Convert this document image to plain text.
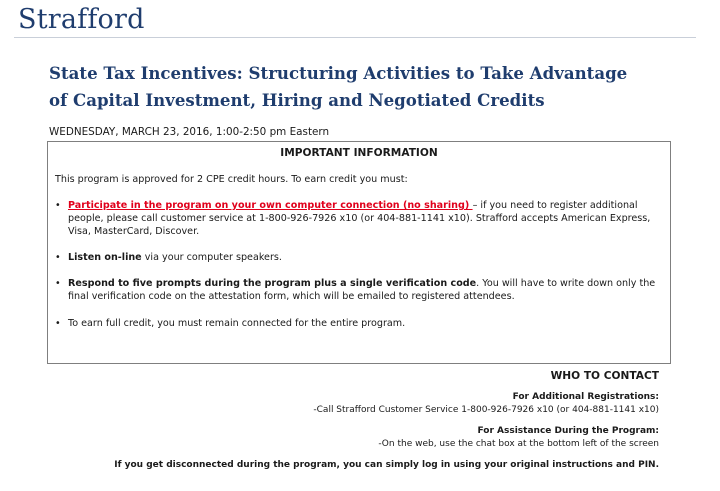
Strafford
State Tax Incentives: Structuring Activities to Take Advantage
of Capital Investment, Hiring and Negotiated Credits
WEDNESDAY, MARCH 23, 2016, 1:00-2:50 pm Eastern
IMPORTANT INFORMATION
This program is approved for 2 CPE credit hours. To earn credit you must:
• Participate in the program on your own computer connection (no sharing) – if you need to register additional people, please call customer service at 1-800-926-7926 x10 (or 404-881-1141 x10). Strafford accepts American Express, Visa, MasterCard, Discover.
• Listen on-line via your computer speakers.
• Respond to five prompts during the program plus a single verification code. You will have to write down only the final verification code on the attestation form, which will be emailed to registered attendees.
• To earn full credit, you must remain connected for the entire program.
WHO TO CONTACT
For Additional Registrations:
-Call Strafford Customer Service 1-800-926-7926 x10 (or 404-881-1141 x10)
For Assistance During the Program:
-On the web, use the chat box at the bottom left of the screen
If you get disconnected during the program, you can simply log in using your original instructions and PIN.
